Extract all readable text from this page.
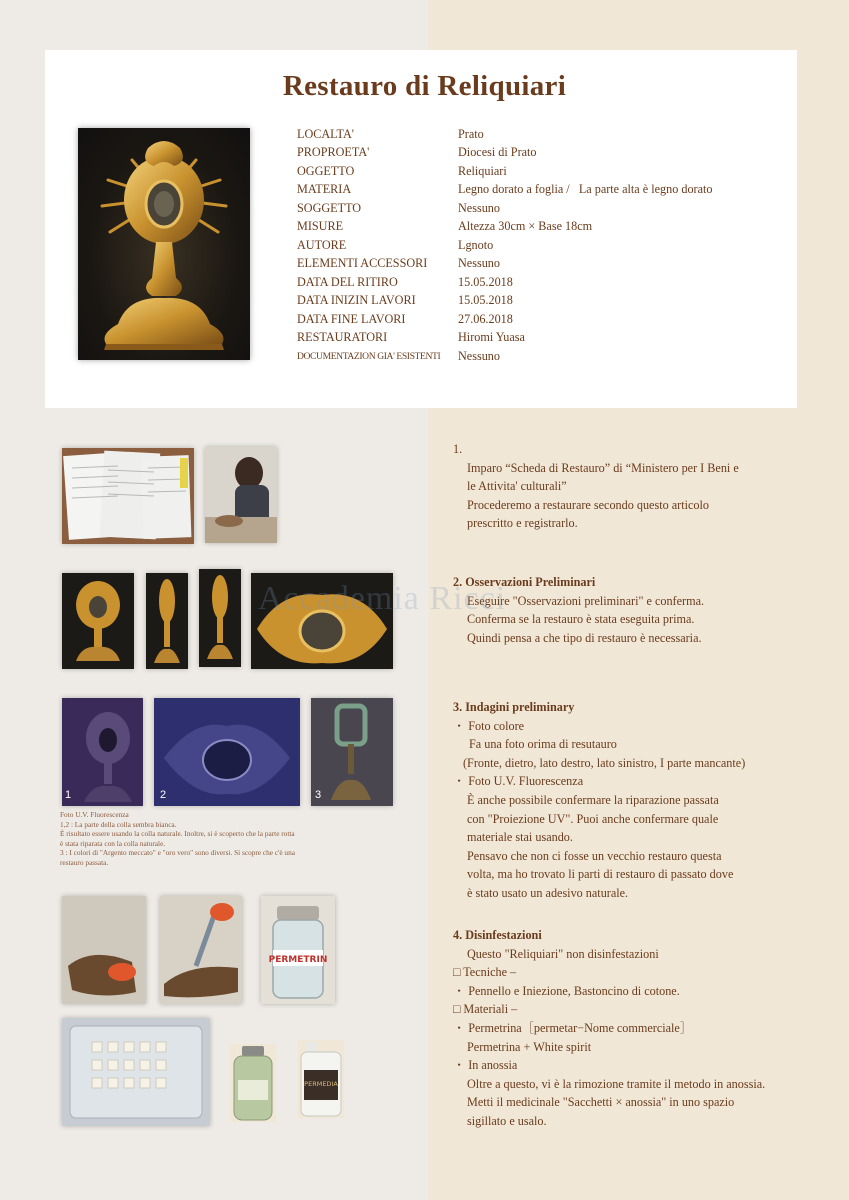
Restauro di Reliquiari
LOCALTA'	Prato
PROPROETA'	Diocesi di Prato
OGGETTO	Reliquiari
MATERIA	Legno dorato a foglia /   La parte alta è legno dorato
SOGGETTO	Nessuno
MISURE	Altezza 30cm × Base 18cm
AUTORE	Lgnoto
ELEMENTI ACCESSORI	Nessuno
DATA DEL RITIRO	15.05.2018
DATA INIZIN LAVORI	15.05.2018
DATA FINE LAVORI	27.06.2018
RESTAURATORI	Hiromi Yuasa
DOCUMENTAZION GIA' ESISTENTI	Nessuno
1	2	3
Foto U.V. Fluorescenza
1,2 : La parte della colla sembra bianca.
È risultato essere usando la colla naturale. Inoltre, si è scoperto che la parte rotta
è stata riparata con la colla naturale.
3 : I colori di "Argento meccato" e "oro vero" sono diversi. Si scopre che c'è una
restauro passata.
PERMETRIN
PERMEDIA
1.
Imparo “Scheda di Restauro” di “Ministero per I Beni e
le Attivita' culturali”
Procederemo a restaurare secondo questo articolo
prescritto e registrarlo.
2. Osservazioni Preliminari
Eseguire "Osservazioni preliminari" e conferma.
Conferma se la restauro è stata eseguita prima.
Quindi pensa a che tipo di restauro è necessaria.
3. Indagini preliminary
・ Foto colore
Fa una foto orima di resutauro
(Fronte, dietro, lato destro, lato sinistro, I parte mancante)
・ Foto U.V. Fluorescenza
È anche possibile confermare la riparazione passata
con "Proiezione UV". Puoi anche confermare quale
materiale stai usando.
Pensavo che non ci fosse un vecchio restauro questa
volta, ma ho trovato li parti di restauro di passato dove
è stato usato un adesivo naturale.
4. Disinfestazioni
Questo "Reliquiari" non disinfestazioni
□ Tecniche –
・ Pennello e Iniezione, Bastoncino di cotone.
□ Materiali –
・ Permetrina［permetar−Nome commerciale］
Permetrina + White spirit
・ In anossia
Oltre a questo, vi è la rimozione tramite il metodo in anossia.
Metti il medicinale "Sacchetti × anossia" in uno spazio
sigillato e usalo.
Accademia Ricci
